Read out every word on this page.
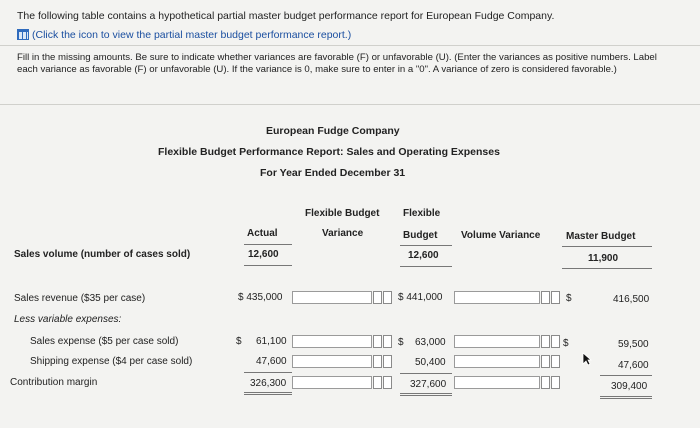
The following table contains a hypothetical partial master budget performance report for European Fudge Company.
(Click the icon to view the partial master budget performance report.)
Fill in the missing amounts. Be sure to indicate whether variances are favorable (F) or unfavorable (U). (Enter the variances as positive numbers. Label each variance as favorable (F) or unfavorable (U). If the variance is 0, make sure to enter in a "0". A variance of zero is considered favorable.)
European Fudge Company
Flexible Budget Performance Report: Sales and Operating Expenses
For Year Ended December 31
Flexible Budget
Variance
Flexible
Budget
Actual	Volume Variance	Master Budget
Sales volume (number of cases sold)	12,600	12,600	11,900
Sales revenue ($35 per case)	$ 435,000	$ 441,000	$	416,500
Less variable expenses:
Sales expense ($5 per case sold)	$ 61,100	$ 63,000	$	59,500
Shipping expense ($4 per case sold)	47,600	50,400	47,600
Contribution margin	326,300	327,600	309,400
